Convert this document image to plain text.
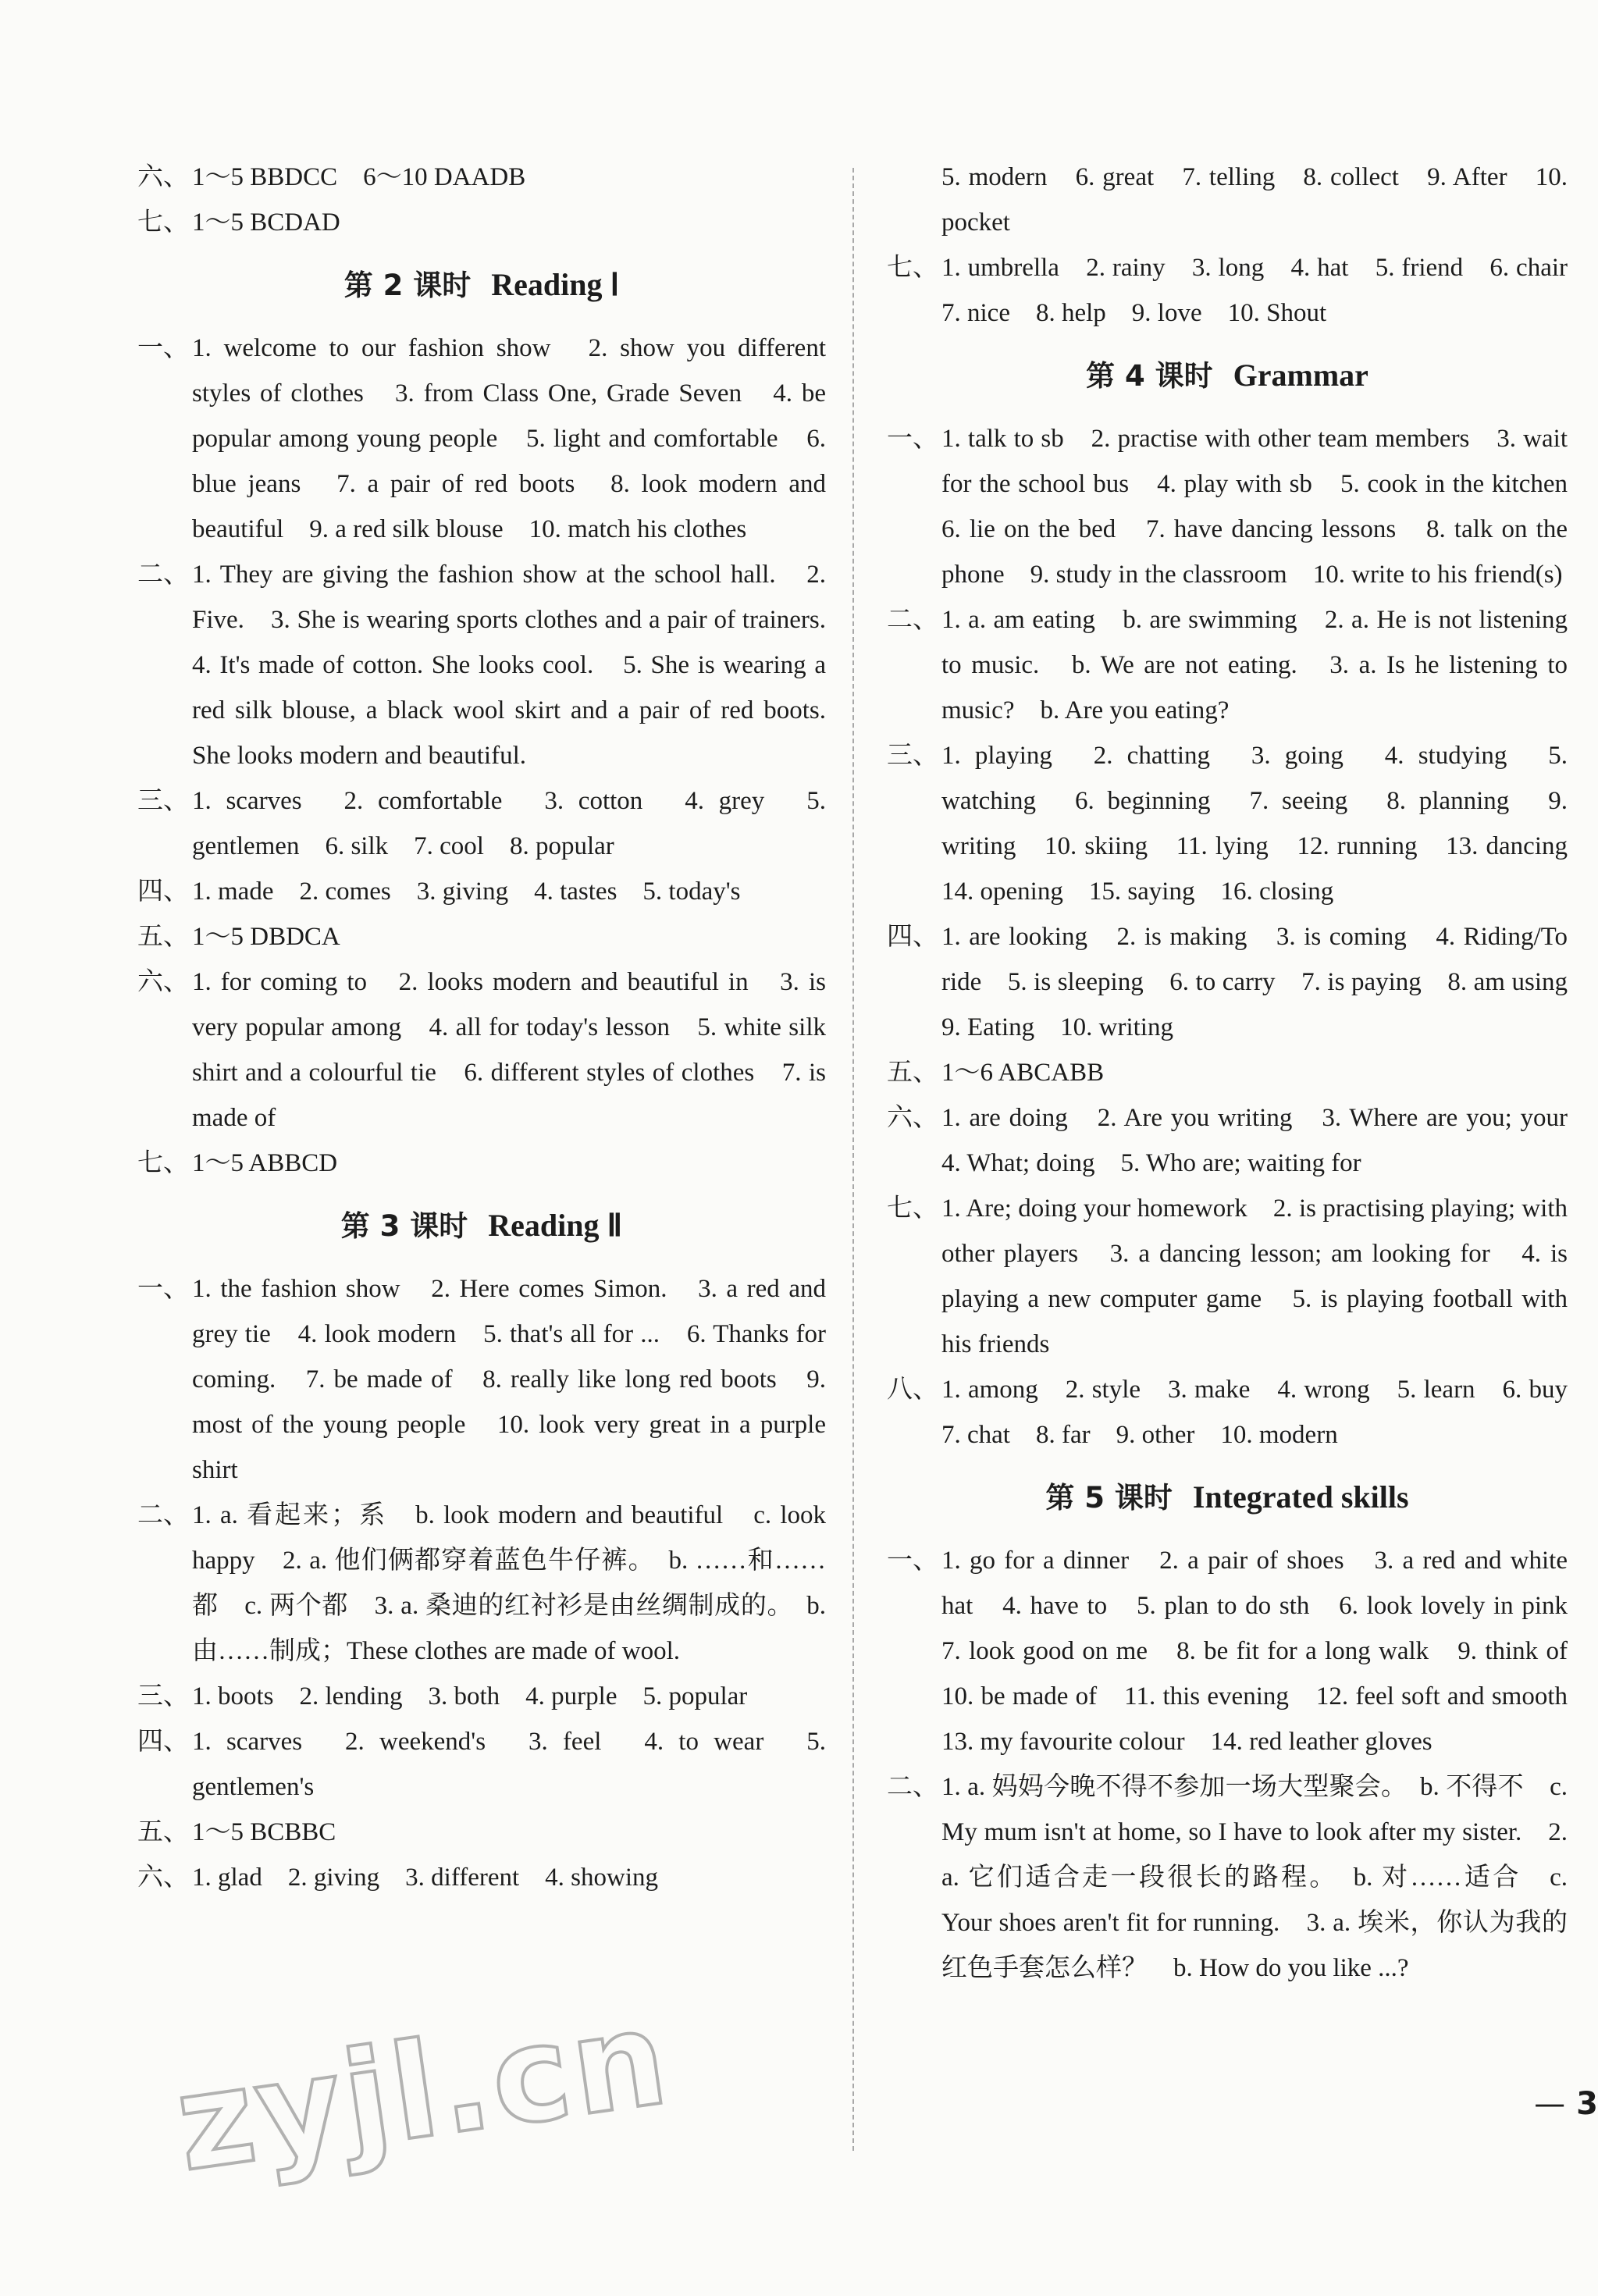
六、 1～5 BBDCC　6～10 DAADB
七、 1～5 BCDAD
第 2 课时 Reading Ⅰ
一、 1. welcome to our fashion show　2. show you different styles of clothes　3. from Class One, Grade Seven　4. be popular among young people　5. light and comfortable　6. blue jeans　7. a pair of red boots　8. look modern and beautiful　9. a red silk blouse　10. match his clothes
二、 1. They are giving the fashion show at the school hall.　2. Five.　3. She is wearing sports clothes and a pair of trainers.　4. It's made of cotton. She looks cool.　5. She is wearing a red silk blouse, a black wool skirt and a pair of red boots. She looks modern and beautiful.
三、 1. scarves　2. comfortable　3. cotton　4. grey　5. gentlemen　6. silk　7. cool　8. popular
四、 1. made　2. comes　3. giving　4. tastes　5. today's
五、 1～5 DBDCA
六、 1. for coming to　2. looks modern and beautiful in　3. is very popular among　4. all for today's lesson　5. white silk shirt and a colourful tie　6. different styles of clothes　7. is made of
七、 1～5 ABBCD
第 3 课时 Reading Ⅱ
一、 1. the fashion show　2. Here comes Simon.　3. a red and grey tie　4. look modern　5. that's all for ...　6. Thanks for coming.　7. be made of　8. really like long red boots　9. most of the young people　10. look very great in a purple shirt
二、 1. a. 看起来；系　b. look modern and beautiful　c. look happy　2. a. 他们俩都穿着蓝色牛仔裤。　b. ……和……都　c. 两个都　3. a. 桑迪的红衬衫是由丝绸制成的。　b. 由……制成；These clothes are made of wool.
三、 1. boots　2. lending　3. both　4. purple　5. popular
四、 1. scarves　2. weekend's　3. feel　4. to wear　5. gentlemen's
五、 1～5 BCBBC
六、 1. glad　2. giving　3. different　4. showing
5. modern　6. great　7. telling　8. collect　9. After　10. pocket
七、 1. umbrella　2. rainy　3. long　4. hat　5. friend　6. chair　7. nice　8. help　9. love　10. Shout
第 4 课时 Grammar
一、 1. talk to sb　2. practise with other team members　3. wait for the school bus　4. play with sb　5. cook in the kitchen　6. lie on the bed　7. have dancing lessons　8. talk on the phone　9. study in the classroom　10. write to his friend(s)
二、 1. a. am eating　b. are swimming　2. a. He is not listening to music.　b. We are not eating.　3. a. Is he listening to music?　b. Are you eating?
三、 1. playing　2. chatting　3. going　4. studying　5. watching　6. beginning　7. seeing　8. planning　9. writing　10. skiing　11. lying　12. running　13. dancing　14. opening　15. saying　16. closing
四、 1. are looking　2. is making　3. is coming　4. Riding/To ride　5. is sleeping　6. to carry　7. is paying　8. am using　9. Eating　10. writing
五、 1～6 ABCABB
六、 1. are doing　2. Are you writing　3. Where are you; your　4. What; doing　5. Who are; waiting for
七、 1. Are; doing your homework　2. is practising playing; with other players　3. a dancing lesson; am looking for　4. is playing a new computer game　5. is playing football with his friends
八、 1. among　2. style　3. make　4. wrong　5. learn　6. buy　7. chat　8. far　9. other　10. modern
第 5 课时 Integrated skills
一、 1. go for a dinner　2. a pair of shoes　3. a red and white hat　4. have to　5. plan to do sth　6. look lovely in pink　7. look good on me　8. be fit for a long walk　9. think of　10. be made of　11. this evening　12. feel soft and smooth　13. my favourite colour　14. red leather gloves
二、 1. a. 妈妈今晚不得不参加一场大型聚会。　b. 不得不　c. My mum isn't at home, so I have to look after my sister.　2. a. 它们适合走一段很长的路程。　b. 对……适合　c. Your shoes aren't fit for running.　3. a. 埃米，你认为我的红色手套怎么样？　b. How do you like ...?
— 3
zyjl.cn
